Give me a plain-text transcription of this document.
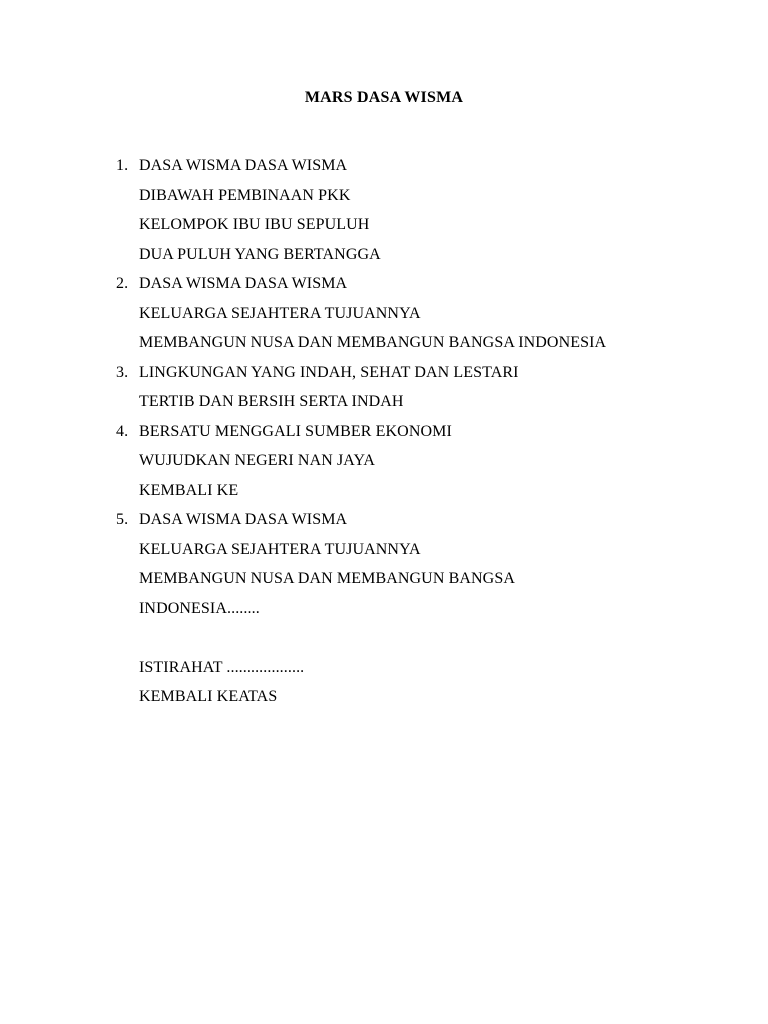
MARS DASA WISMA
1. DASA WISMA DASA WISMA
DIBAWAH PEMBINAAN PKK
KELOMPOK IBU IBU SEPULUH
DUA PULUH YANG BERTANGGA
2. DASA WISMA DASA WISMA
KELUARGA SEJAHTERA TUJUANNYA
MEMBANGUN NUSA DAN MEMBANGUN BANGSA INDONESIA
3. LINGKUNGAN YANG INDAH, SEHAT DAN LESTARI
TERTIB DAN BERSIH SERTA INDAH
4. BERSATU MENGGALI SUMBER EKONOMI
WUJUDKAN NEGERI NAN JAYA
KEMBALI KE
5. DASA WISMA DASA WISMA
KELUARGA SEJAHTERA TUJUANNYA
MEMBANGUN NUSA DAN MEMBANGUN BANGSA
INDONESIA........
ISTIRAHAT ...................
KEMBALI KEATAS
